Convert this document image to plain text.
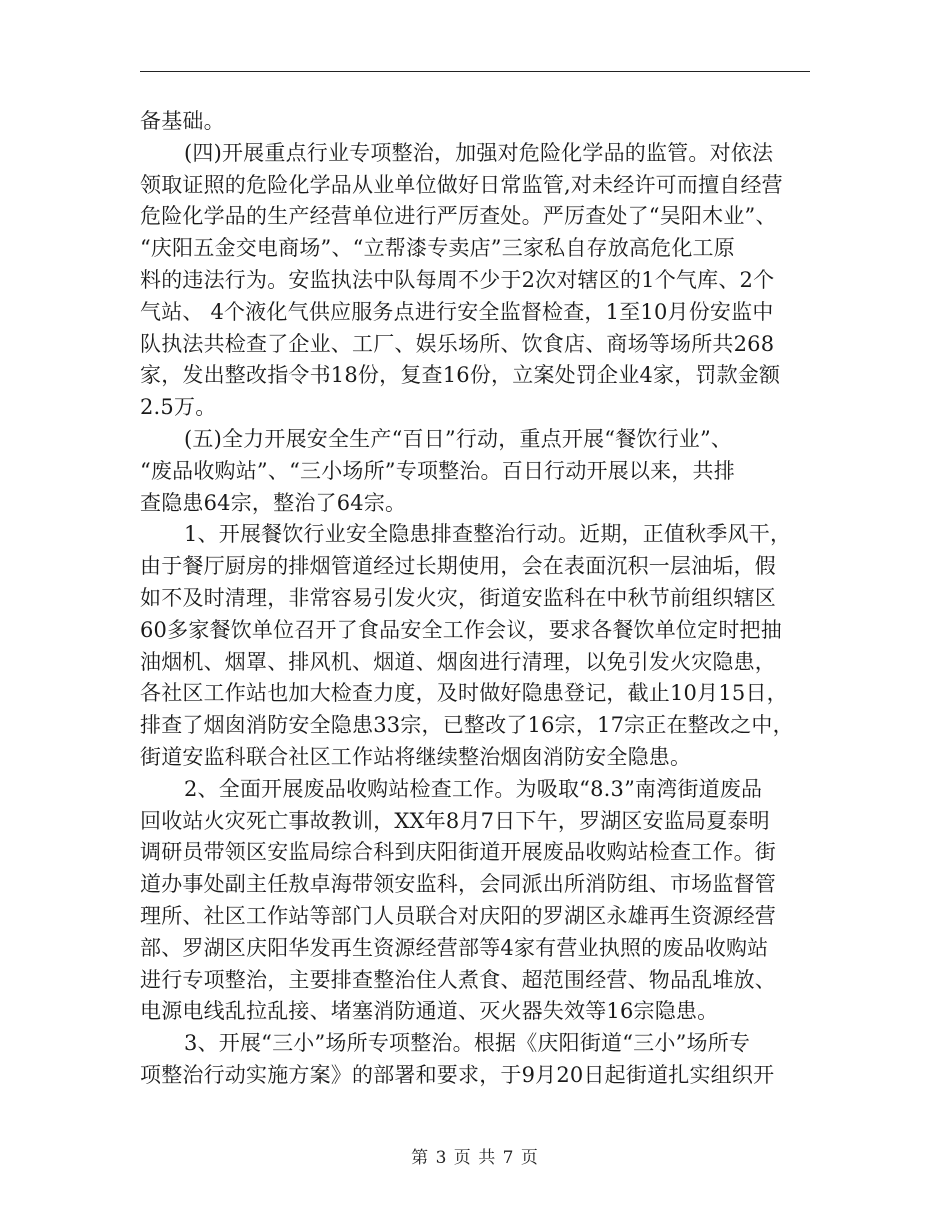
备基础。
(四)开展重点行业专项整治，加强对危险化学品的监管。对依法
领取证照的危险化学品从业单位做好日常监管,对未经许可而擅自经营
危险化学品的生产经营单位进行严厉查处。严厉查处了“吴阳木业”、
“庆阳五金交电商场”、“立帮漆专卖店”三家私自存放高危化工原
料的违法行为。安监执法中队每周不少于2次对辖区的1个气库、2个
气站、 4个液化气供应服务点进行安全监督检查，1至10月份安监中
队执法共检查了企业、工厂、娱乐场所、饮食店、商场等场所共268
家，发出整改指令书18份，复查16份，立案处罚企业4家，罚款金额
2.5万。
(五)全力开展安全生产“百日”行动，重点开展“餐饮行业”、
“废品收购站”、“三小场所”专项整治。百日行动开展以来，共排
查隐患64宗，整治了64宗。
1、开展餐饮行业安全隐患排查整治行动。近期，正值秋季风干，
由于餐厅厨房的排烟管道经过长期使用，会在表面沉积一层油垢，假
如不及时清理，非常容易引发火灾，街道安监科在中秋节前组织辖区
60多家餐饮单位召开了食品安全工作会议，要求各餐饮单位定时把抽
油烟机、烟罩、排风机、烟道、烟囱进行清理，以免引发火灾隐患，
各社区工作站也加大检查力度，及时做好隐患登记，截止10月15日，
排查了烟囱消防安全隐患33宗，已整改了16宗，17宗正在整改之中，
街道安监科联合社区工作站将继续整治烟囱消防安全隐患。
2、全面开展废品收购站检查工作。为吸取“8.3”南湾街道废品
回收站火灾死亡事故教训，XX年8月7日下午，罗湖区安监局夏泰明
调研员带领区安监局综合科到庆阳街道开展废品收购站检查工作。街
道办事处副主任敖卓海带领安监科，会同派出所消防组、市场监督管
理所、社区工作站等部门人员联合对庆阳的罗湖区永雄再生资源经营
部、罗湖区庆阳华发再生资源经营部等4家有营业执照的废品收购站
进行专项整治，主要排查整治住人煮食、超范围经营、物品乱堆放、
电源电线乱拉乱接、堵塞消防通道、灭火器失效等16宗隐患。
3、开展“三小”场所专项整治。根据《庆阳街道“三小”场所专
项整治行动实施方案》的部署和要求，于9月20日起街道扎实组织开
第 3 页 共 7 页
